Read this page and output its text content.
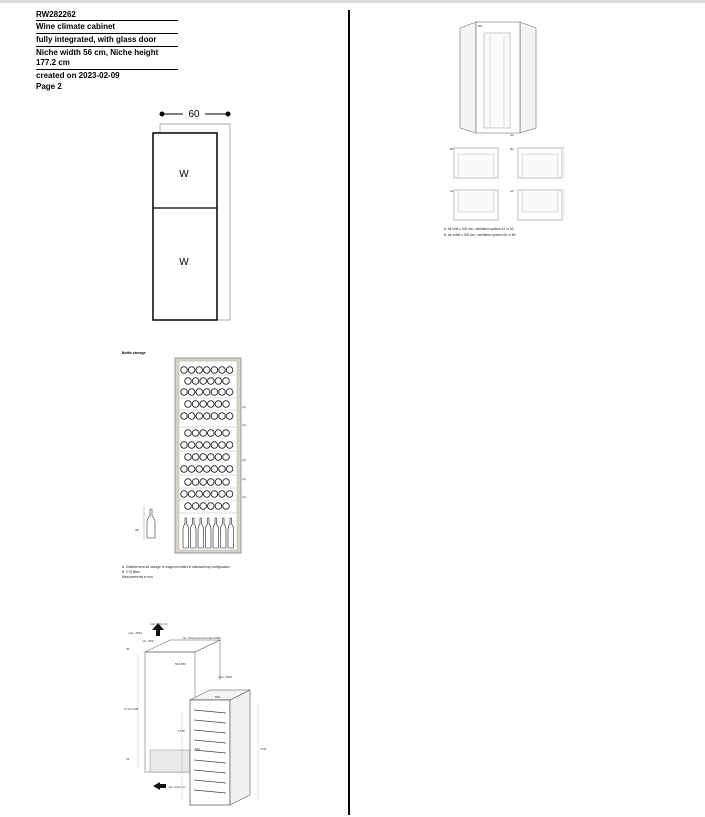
RW282262
Wine climate cabinet
fully integrated, with glass door
Niche width 56 cm, Niche height 177.2 cm
created on 2023-02-09
Page 2
60
W
W
Bottle storage
(A)
(A)
(A)
(A)
(A)
(B)
A: Suitable area for storage of magnum bottles in standard tray configuration
B: 0.75 litres
Measurements in mm
min. 200 cm²
max. 2640
min. 560
min. 560 (recommended 560)
560-550
40
1772-1788
max. 2600
550
1755
1761
544
23
min. 200 cm²
(B)
(A)
B1	B2
A1	A2
A: Air inlet ≥ 200 cm², ventilation options A1 or A2
B: Air outlet ≥ 200 cm², ventilation options B1 or B2
